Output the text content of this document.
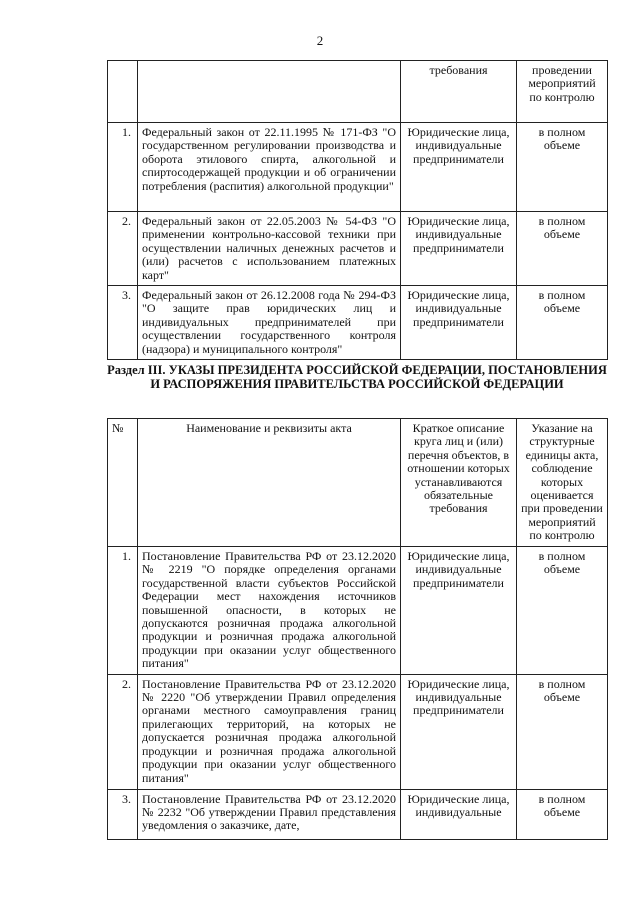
2
		требования	проведении мероприятий по контролю
1.	Федеральный закон от 22.11.1995 № 171-ФЗ "О государственном регулировании производства и оборота этилового спирта, алкогольной и спиртосодержащей продукции и об ограничении потребления (распития) алкогольной продукции"	Юридические лица, индивидуальные предприниматели	в полном объеме
2.	Федеральный закон от 22.05.2003 № 54-ФЗ "О применении контрольно-кассовой техники при осуществлении наличных денежных расчетов и (или) расчетов с использованием платежных карт"	Юридические лица, индивидуальные предприниматели	в полном объеме
3.	Федеральный закон от 26.12.2008 года № 294-ФЗ "О защите прав юридических лиц и индивидуальных предпринимателей при осуществлении государственного контроля (надзора) и муниципального контроля"	Юридические лица, индивидуальные предприниматели	в полном объеме
Раздел III. УКАЗЫ ПРЕЗИДЕНТА РОССИЙСКОЙ ФЕДЕРАЦИИ, ПОСТАНОВЛЕНИЯ И РАСПОРЯЖЕНИЯ ПРАВИТЕЛЬСТВА РОССИЙСКОЙ ФЕДЕРАЦИИ
№	Наименование и реквизиты акта	Краткое описание круга лиц и (или) перечня объектов, в отношении которых устанавливаются обязательные требования	Указание на структурные единицы акта, соблюдение которых оценивается при проведении мероприятий по контролю
1.	Постановление Правительства РФ от 23.12.2020 № 2219 "О порядке определения органами государственной власти субъектов Российской Федерации мест нахождения источников повышенной опасности, в которых не допускаются розничная продажа алкогольной продукции и розничная продажа алкогольной продукции при оказании услуг общественного питания"	Юридические лица, индивидуальные предприниматели	в полном объеме
2.	Постановление Правительства РФ от 23.12.2020 № 2220 "Об утверждении Правил определения органами местного самоуправления границ прилегающих территорий, на которых не допускается розничная продажа алкогольной продукции и розничная продажа алкогольной продукции при оказании услуг общественного питания"	Юридические лица, индивидуальные предприниматели	в полном объеме
3.	Постановление Правительства РФ от 23.12.2020 № 2232 "Об утверждении Правил представления уведомления о заказчике, дате,	Юридические лица, индивидуальные	в полном объеме
